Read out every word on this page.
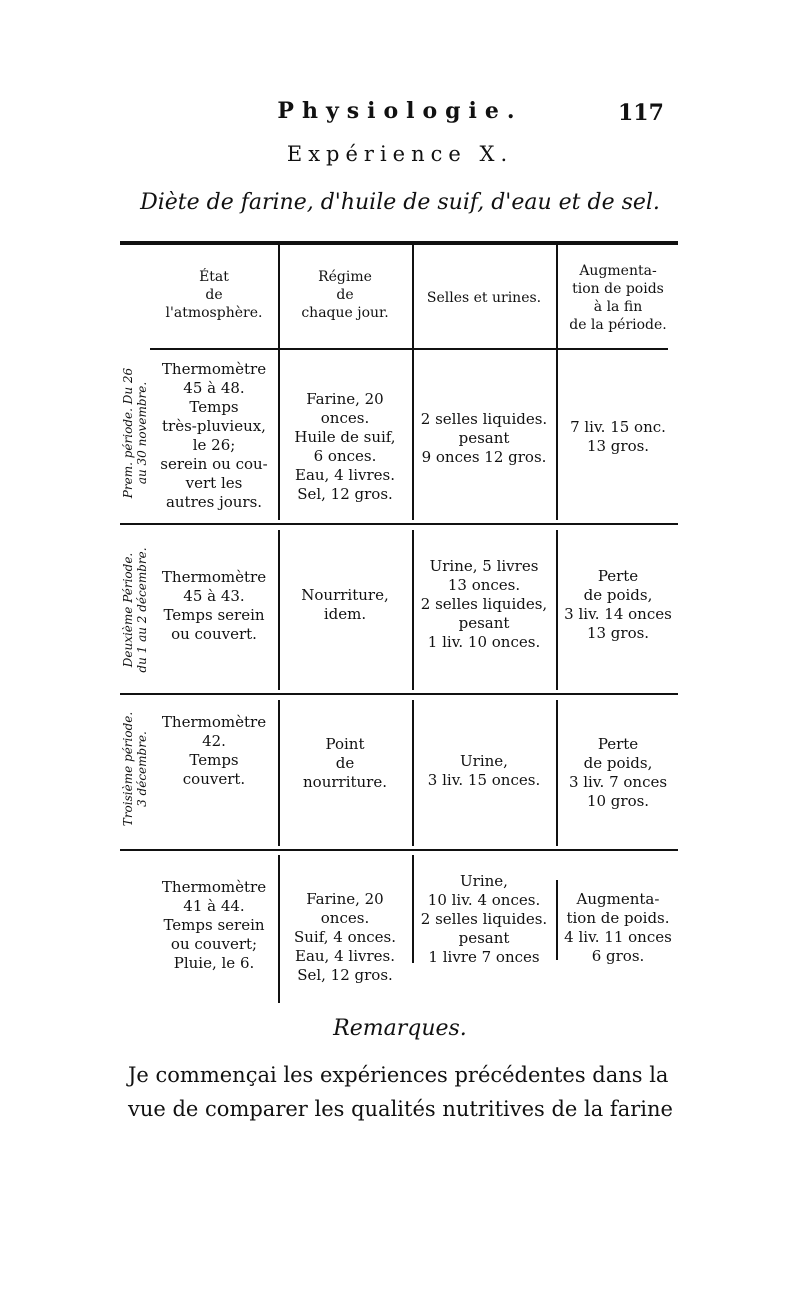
Physiologie.	117
Expérience X.
Diète de farine, d'huile de suif, d'eau et de sel.
État
de
l'atmosphère.
Régime
de
chaque jour.
Selles et urines.
Augmenta-
tion de poids
à la fin
de la période.
Prem. période. Du 26
au 30 novembre.
Thermomètre
45 à 48.
Temps
très-pluvieux,
le 26;
serein ou cou-
vert les
autres jours.
Farine, 20 onces.
Huile de suif,
6 onces.
Eau, 4 livres.
Sel, 12 gros.
2 selles liquides.
pesant
9 onces 12 gros.
7 liv. 15 onc.
13 gros.
Deuxième Période.
du 1 au 2 décembre. Thermomètre
45 à 43.
Temps serein
ou couvert.
Nourriture,
idem.
Urine, 5 livres
13 onces.
2 selles liquides,
pesant
1 liv. 10 onces.
Perte
de poids,
3 liv. 14 onces
13 gros.
Troisième période.
3 décembre.
Thermomètre
42.
Temps
couvert.
Point
de
nourriture.
Urine,
3 liv. 15 onces.
Perte
de poids,
3 liv. 7 onces
10 gros.
Thermomètre
41 à 44.
Temps serein
ou couvert;
Pluie, le 6.
Farine, 20 onces.
Suif, 4 onces.
Eau, 4 livres.
Sel, 12 gros.
Urine,
10 liv. 4 onces.
2 selles liquides.
pesant
1 livre 7 onces
Augmenta-
tion de poids.
4 liv. 11 onces
6 gros.
Remarques.
Je commençai les expériences précédentes dans la
vue de comparer les qualités nutritives de la farine
